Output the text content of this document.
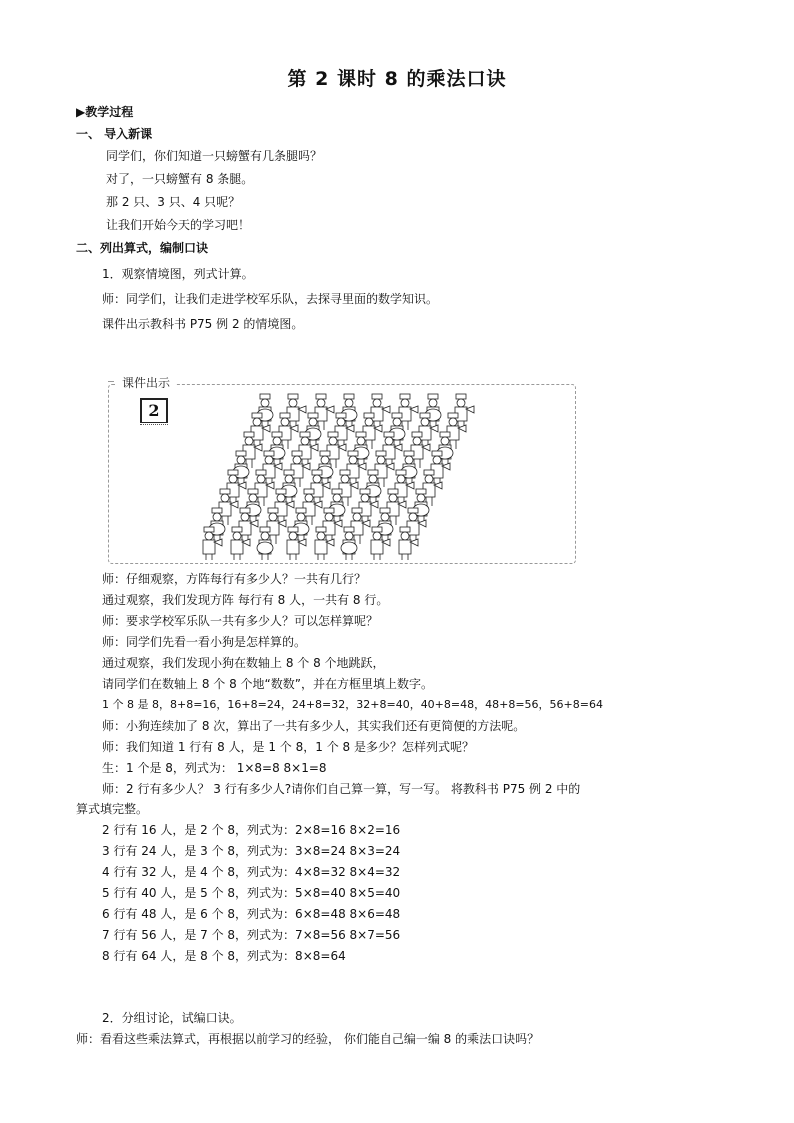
第 2 课时 8 的乘法口诀
▶教学过程
一、 导入新课
同学们，你们知道一只螃蟹有几条腿吗？
对了，一只螃蟹有 8 条腿。
那 2 只、3 只、4 只呢？
让我们开始今天的学习吧！
二、列出算式，编制口诀
1．观察情境图，列式计算。
师：同学们，让我们走进学校军乐队，去探寻里面的数学知识。
课件出示教科书 P75 例 2 的情境图。
课件出示
2
师：仔细观察，方阵每行有多少人？一共有几行？
通过观察，我们发现方阵 每行有 8 人，一共有 8 行。
师：要求学校军乐队一共有多少人？可以怎样算呢？
师：同学们先看一看小狗是怎样算的。
通过观察，我们发现小狗在数轴上 8 个 8 个地跳跃，
请同学们在数轴上 8 个 8 个地“数数”，并在方框里填上数字。
1 个 8 是 8，8+8=16，16+8=24，24+8=32，32+8=40，40+8=48，48+8=56，56+8=64
师：小狗连续加了 8 次，算出了一共有多少人，其实我们还有更简便的方法呢。
师：我们知道 1 行有 8 人，是 1 个 8，1 个 8 是多少？怎样列式呢？
生：1 个是 8，列式为： 1×8=8 8×1=8
师：2 行有多少人？ 3 行有多少人?请你们自己算一算，写一写。 将教科书 P75 例 2 中的
算式填完整。
2 行有 16 人，是 2 个 8，列式为：2×8=16 8×2=16
3 行有 24 人，是 3 个 8，列式为：3×8=24 8×3=24
4 行有 32 人，是 4 个 8，列式为：4×8=32 8×4=32
5 行有 40 人，是 5 个 8，列式为：5×8=40 8×5=40
6 行有 48 人，是 6 个 8，列式为：6×8=48 8×6=48
7 行有 56 人，是 7 个 8，列式为：7×8=56 8×7=56
8 行有 64 人，是 8 个 8，列式为：8×8=64
2．分组讨论，试编口诀。
师：看看这些乘法算式，再根据以前学习的经验， 你们能自己编一编 8 的乘法口诀吗？
